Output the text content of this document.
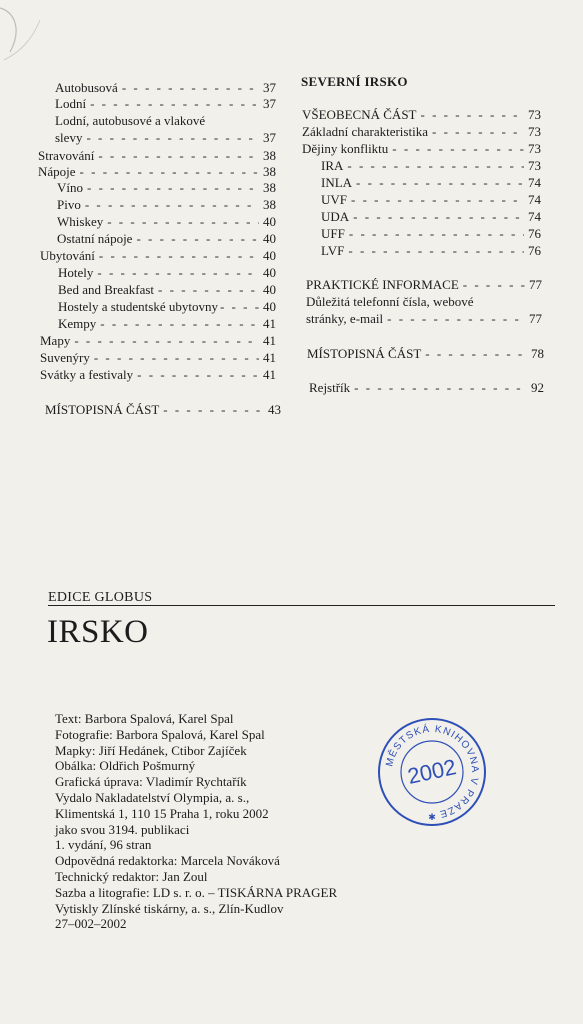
Autobusová - - -	37
Lodní - - -	37
Lodní, autobusové a vlakové
slevy - - -	37
Stravování - - -	38
Nápoje - - -	38
Víno - - -	38
Pivo - - -	38
Whiskey - - -	40
Ostatní nápoje - - -	40
Ubytování - - -	40
Hotely - - -	40
Bed and Breakfast - - -	40
Hostely a studentské ubytovny - - -	40
Kempy - - -	41
Mapy - - -	41
Suvenýry - - -	41
Svátky a festivaly - - -	41
MÍSTOPISNÁ ČÁST - - -	43
SEVERNÍ IRSKO
VŠEOBECNÁ ČÁST - - -	73
Základní charakteristika - - -	73
Dějiny konfliktu - - -	73
IRA - - -	73
INLA - - -	74
UVF - - -	74
UDA - - -	74
UFF - - -	76
LVF - - -	76
PRAKTICKÉ INFORMACE - - -	77
Důležitá telefonní čísla, webové
stránky, e-mail - - -	77
MÍSTOPISNÁ ČÁST - - -	78
Rejstřík - - -	92
EDICE GLOBUS
IRSKO
Text: Barbora Spalová, Karel Spal
Fotografie: Barbora Spalová, Karel Spal
Mapky: Jiří Hedánek, Ctibor Zajíček
Obálka: Oldřich Pošmurný
Grafická úprava: Vladimír Rychtařík
Vydalo Nakladatelství Olympia, a. s.,
Klimentská 1, 110 15 Praha 1, roku 2002
jako svou 3194. publikaci
1. vydání, 96 stran
Odpovědná redaktorka: Marcela Nováková
Technický redaktor: Jan Zoul
Sazba a litografie: LD s. r. o. – TISKÁRNA PRAGER
Vytiskly Zlínské tiskárny, a. s., Zlín-Kudlov
27–002–2002
MĚSTSKÁ KNIHOVNA V PRAZE
2002
✱
